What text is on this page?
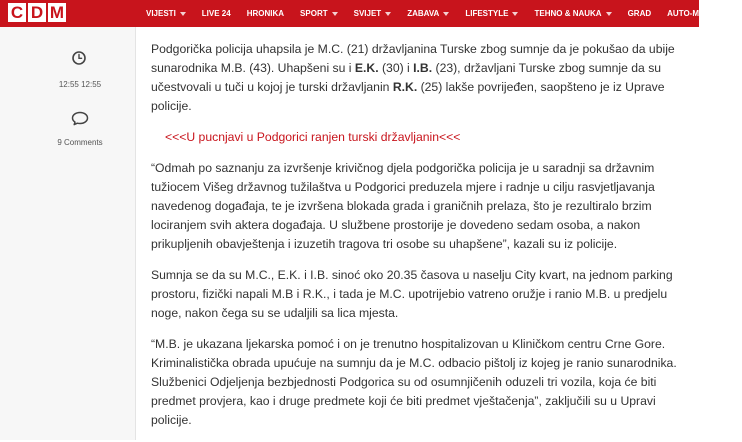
C D M	VIJESTI	LIVE 24 HRONIKA SPORT	SVIJET	ZABAVA	LIFESTYLE	TEHNO & NAUKA	GRAD AUTO-MOTO
12:55 12:55
9 Comments

Podgorička policija uhapsila je M.C. (21) državljanina Turske zbog sumnje da je pokušao da ubije sunarodnika M.B. (43). Uhapšeni su i E.K. (30) i I.B. (23), državljani Turske zbog sumnje da su učestvovali u tuči u kojoj je turski državljanin R.K. (25) lakše povrijeđen, saopšteno je iz Uprave policije.

<<<U pucnjavi u Podgorici ranjen turski državljanin<<<

“Odmah po saznanju za izvršenje krivičnog djela podgorička policija je u saradnji sa državnim tužiocem Višeg državnog tužilaštva u Podgorici preduzela mjere i radnje u cilju rasvjetljavanja navedenog događaja, te je izvršena blokada grada i graničnih prelaza, što je rezultiralo brzim lociranjem svih aktera događaja. U službene prostorije je dovedeno sedam osoba, a nakon prikupljenih obavještenja i izuzetih tragova tri osobe su uhapšene”, kazali su iz policije.

Sumnja se da su M.C., E.K. i I.B. sinoć oko 20.35 časova u naselju City kvart, na jednom parking prostoru, fizički napali M.B i R.K., i tada je M.C. upotrijebio vatreno oružje i ranio M.B. u predjelu noge, nakon čega su se udaljili sa lica mjesta.

“M.B. je ukazana ljekarska pomoć i on je trenutno hospitalizovan u Kliničkom centru Crne Gore. Kriminalistička obrada upućuje na sumnju da je M.C. odbacio pištolj iz kojeg je ranio sunarodnika. Službenici Odjeljenja bezbjednosti Podgorica su od osumnjičenih oduzeli tri vozila, koja će biti predmet provjera, kao i druge predmete koji će biti predmet vještačenja”, zaključili su u Upravi policije.
